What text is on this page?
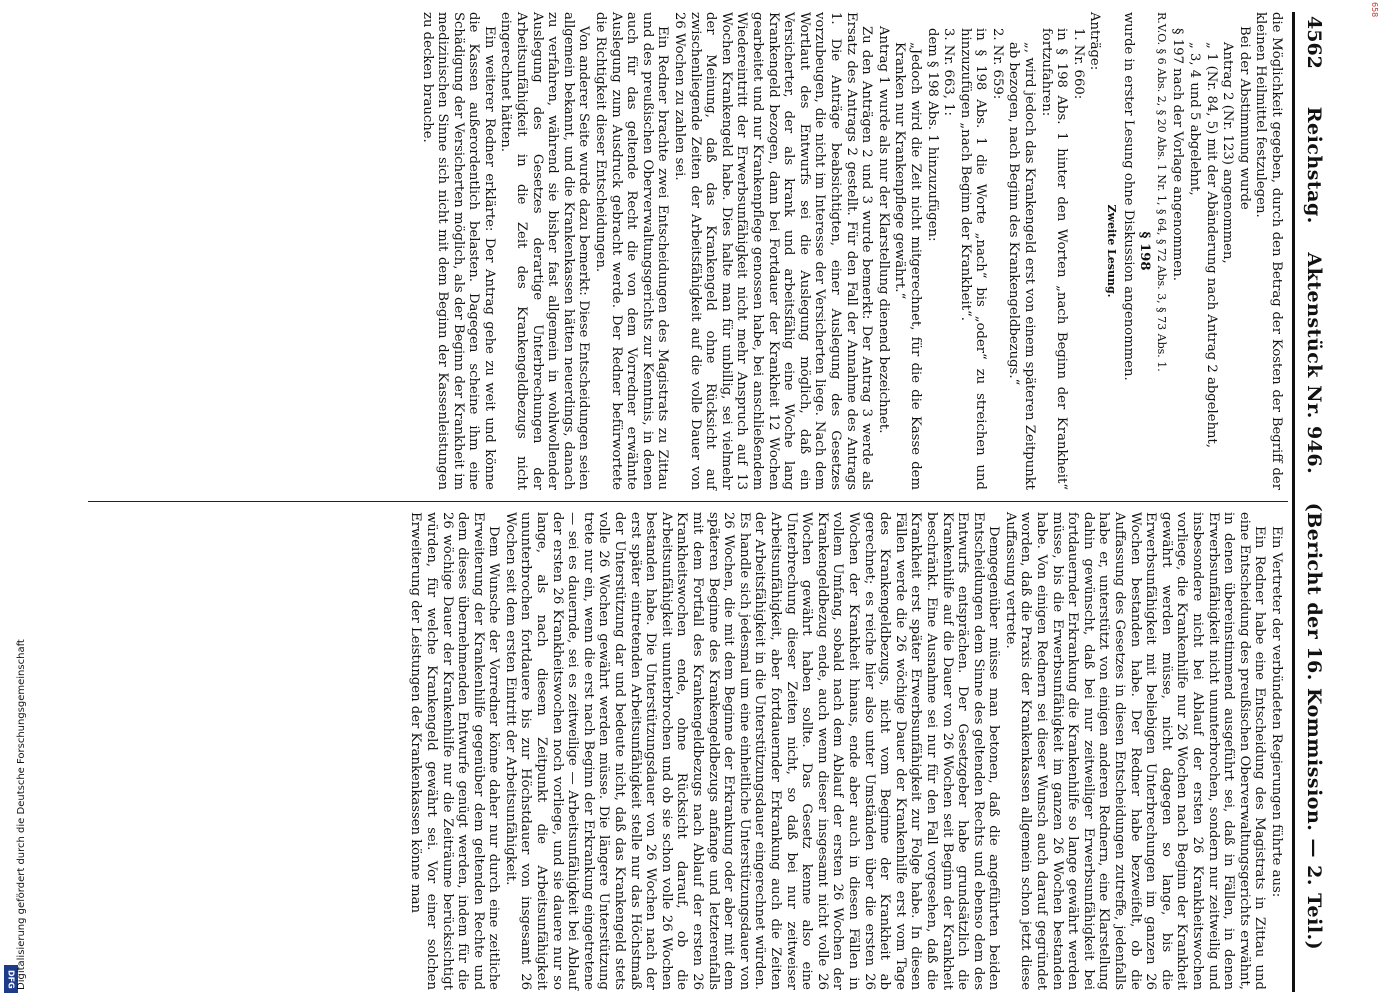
658
DFG Digitalisierung gefördert durch die Deutsche Forschungsgemeinschaft
4562
Reichstag.    Aktenstück Nr. 946.    (Bericht der 16. Kommission. — 2. Teil.)

die Möglichkeit gegeben, durch den Betrag der Kosten der Begriff der kleinen Heilmittel festzulegen.

Bei der Abstimmung wurde

Antrag 2 (Nr. 123) angenommen,

„ 1 (Nr. 84, 5) mit der Abänderung nach Antrag 2 abgelehnt,

„ 3, 4 und 5 abgelehnt,

§ 197 nach der Vorlage angenommen.

R.V.O. § 6 Abs. 2, § 20 Abs. 1 Nr. 1, § 64, § 72 Abs. 3, § 73 Abs. 1.

§ 198

wurde in erster Lesung ohne Diskussion angenommen.

Zweite Lesung.

Anträge:

1. Nr. 660:

in § 198 Abs. 1 hinter den Worten „nach Beginn der Krankheit“ fortzufahren:

„, wird jedoch das Krankengeld erst von einem späteren Zeitpunkt ab bezogen, nach Beginn des Krankengeldbezugs.“

2. Nr. 659:

in § 198 Abs. 1 die Worte „nach“ bis „oder“ zu streichen und hinzuzufügen „nach Beginn der Krankheit“.

3. Nr. 663, 1:

dem § 198 Abs. 1 hinzuzufügen:

„Jedoch wird die Zeit nicht mitgerechnet, für die die Kasse dem Kranken nur Krankenpflege gewährt.“

Antrag 1 wurde als nur der Klarstellung dienend bezeichnet.

Zu den Anträgen 2 und 3 wurde bemerkt: Der Antrag 3 werde als Ersatz des Antrags 2 gestellt. Für den Fall der Annahme des Antrags 1. Die Anträge beabsichtigten, einer Auslegung des Gesetzes vorzubeugen, die nicht im Interesse der Versicherten liege. Nach dem Wortlaut des Entwurfs sei die Auslegung möglich, daß ein Versicherter, der als krank und arbeitsfähig eine Woche lang Krankengeld bezogen, dann bei Fortdauer der Krankheit 12 Wochen gearbeitet und nur Krankenpflege genossen habe, bei anschließendem Wiedereintritt der Erwerbsunfähigkeit nicht mehr Anspruch auf 13 Wochen Krankengeld habe. Dies halte man für unbillig, sei vielmehr der Meinung, daß das Krankengeld ohne Rücksicht auf zwischenliegende Zeiten der Arbeitsfähigkeit auf die volle Dauer von 26 Wochen zu zahlen sei.

Ein Redner brachte zwei Entscheidungen des Magistrats zu Zittau und des preußischen Oberverwaltungsgerichts zur Kenntnis, in denen auch für das geltende Recht die von dem Vorredner erwähnte Auslegung zum Ausdruck gebracht werde. Der Redner befürwortete die Richtigkeit dieser Entscheidungen.

Von anderer Seite wurde dazu bemerkt: Diese Entscheidungen seien allgemein bekannt, und die Krankenkassen hätten neuerdings, danach zu verfahren, während sie bisher fast allgemein in wohlwollender Auslegung des Gesetzes derartige Unterbrechungen der Arbeitsunfähigkeit in die Zeit des Krankengeldbezugs nicht eingerechnet hätten.

Ein weiterer Redner erklärte: Der Antrag gehe zu weit und könne die Kassen außerordentlich belasten. Dagegen scheine ihm eine Schädigung der Versicherten möglich, als der Beginn der Krankheit im medizinischen Sinne sich nicht mit dem Beginn der Kassenleistungen zu decken brauche.

Ein Vertreter der verbündeten Regierungen führte aus:

Ein Redner habe eine Entscheidung des Magistrats in Zittau und eine Entscheidung des preußischen Oberverwaltungsgerichts erwähnt, in denen übereinstimmend ausgeführt sei, daß in Fällen, in denen Erwerbsunfähigkeit nicht ununterbrochen, sondern nur zeitweilig und insbesondere nicht bei Ablauf der ersten 26 Krankheitswochen vorliege, die Krankenhilfe nur 26 Wochen nach Beginn der Krankheit gewährt werden müsse, nicht dagegen so lange, bis die Erwerbsunfähigkeit mit beliebigen Unterbrechungen im ganzen 26 Wochen bestanden habe. Der Redner habe bezweifelt, ob die Auffassung des Gesetzes in diesen Entscheidungen zutreffe, jedenfalls habe er, unterstützt von einigen anderen Rednern, eine Klarstellung dahin gewünscht, daß bei nur zeitweiliger Erwerbsunfähigkeit bei fortdauernder Erkrankung die Krankenhilfe so lange gewährt werden müsse, bis die Erwerbsunfähigkeit im ganzen 26 Wochen bestanden habe. Von einigen Rednern sei dieser Wunsch auch darauf gegründet worden, daß die Praxis der Krankenkassen allgemein schon jetzt diese Auffassung vertrete.

Demgegenüber müsse man betonen, daß die angeführten beiden Entscheidungen dem Sinne des geltenden Rechts und ebenso dem des Entwurfs entsprächen. Der Gesetzgeber habe grundsätzlich die Krankenhilfe auf die Dauer von 26 Wochen seit Beginn der Krankheit beschränkt. Eine Ausnahme sei nur für den Fall vorgesehen, daß die Krankheit erst später Erwerbsunfähigkeit zur Folge habe. In diesen Fällen werde die 26 wöchige Dauer der Krankenhilfe erst vom Tage des Krankengeldbezugs, nicht vom Beginne der Krankheit ab gerechnet; es reiche hier also unter Umständen über die ersten 26 Wochen der Krankheit hinaus, ende aber auch in diesen Fällen in vollem Umfang, sobald nach dem Ablauf der ersten 26 Wochen der Krankengeldbezug ende, auch wenn dieser insgesamt nicht volle 26 Wochen gewährt haben sollte. Das Gesetz kenne also eine Unterbrechung dieser Zeiten nicht, so daß bei nur zeitweiser Arbeitsunfähigkeit, aber fortdauernder Erkrankung auch die Zeiten der Arbeitsfähigkeit in die Unterstützungsdauer eingerechnet würden. Es handle sich jedesmal um eine einheitliche Unterstützungsdauer von 26 Wochen, die mit dem Beginne der Erkrankung oder aber mit dem späteren Beginne des Krankengeldbezugs anfange und letzterenfalls mit dem Fortfall des Krankengeldbezugs nach Ablauf der ersten 26 Krankheitswochen ende, ohne Rücksicht darauf, ob die Arbeitsunfähigkeit ununterbrochen und ob sie schon volle 26 Wochen bestanden habe. Die Unterstützungsdauer von 26 Wochen nach der erst später eintretenden Arbeitsunfähigkeit stelle nur das Höchstmaß der Unterstützung dar und bedeute nicht, daß das Krankengeld stets volle 26 Wochen gewährt werden müsse. Die längere Unterstützung trete nur ein, wenn die erst nach Beginn der Erkrankung eingetretene — sei es dauernde, sei es zeitweilige — Arbeitsunfähigkeit bei Ablauf der ersten 26 Krankheitswochen noch vorliege, und sie dauere nur so lange, als nach diesem Zeitpunkt die Arbeitsunfähigkeit ununterbrochen fortdauere bis zur Höchstdauer von insgesamt 26 Wochen seit dem ersten Eintritt der Arbeitsunfähigkeit.

Dem Wunsche der Vorredner könne daher nur durch eine zeitliche Erweiterung der Krankenhilfe gegenüber dem geltenden Rechte und dem dieses übernehmenden Entwurfe genügt werden, indem für die 26 wöchige Dauer der Krankenhilfe nur die Zeiträume berücksichtigt würden, für welche Krankengeld gewährt sei. Vor einer solchen Erweiterung der Leistungen der Krankenkassen könne man
